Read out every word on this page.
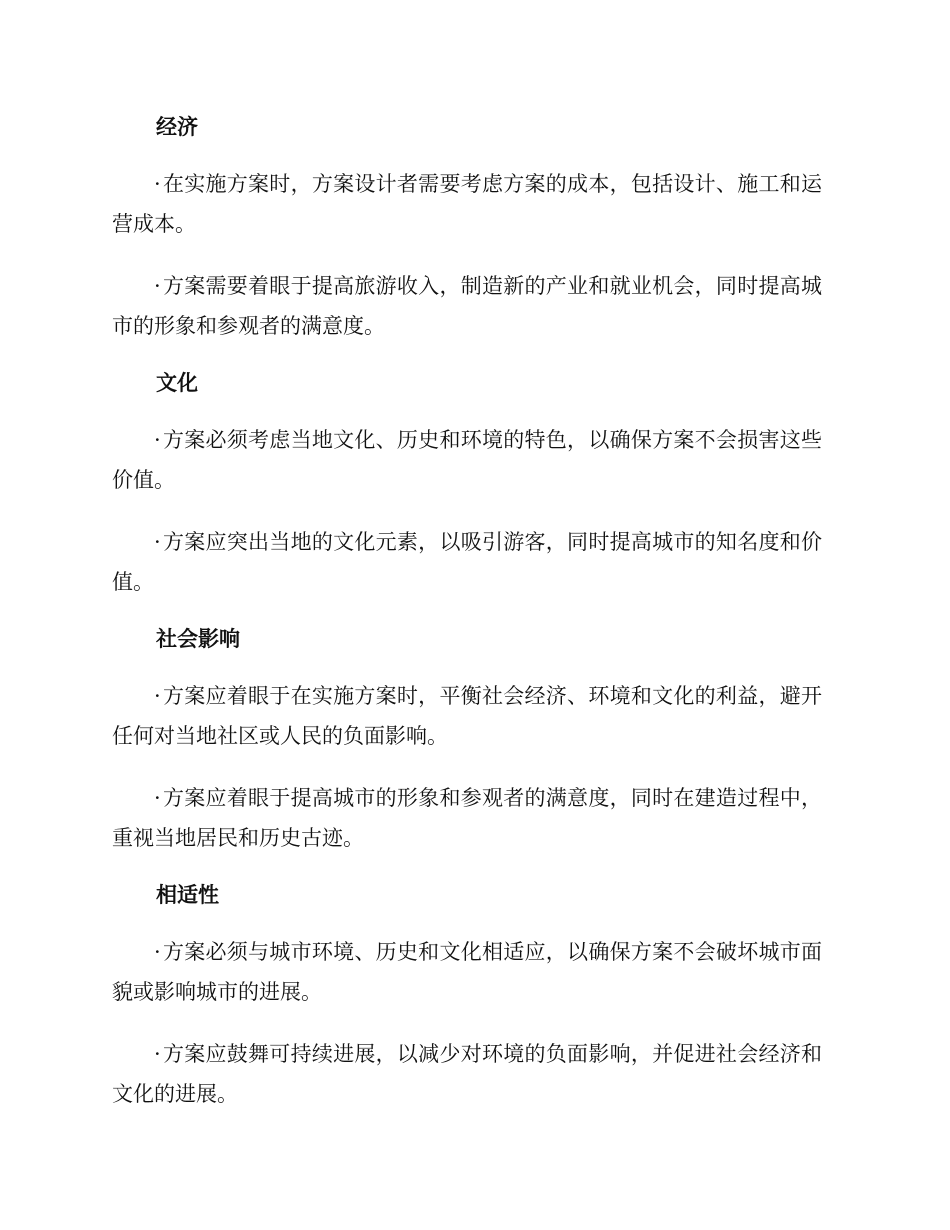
经济

·在实施方案时，方案设计者需要考虑方案的成本，包括设计、施工和运营成本。

·方案需要着眼于提高旅游收入，制造新的产业和就业机会，同时提高城市的形象和参观者的满意度。

文化

·方案必须考虑当地文化、历史和环境的特色，以确保方案不会损害这些价值。

·方案应突出当地的文化元素，以吸引游客，同时提高城市的知名度和价值。

社会影响

·方案应着眼于在实施方案时，平衡社会经济、环境和文化的利益，避开任何对当地社区或人民的负面影响。

·方案应着眼于提高城市的形象和参观者的满意度，同时在建造过程中，重视当地居民和历史古迹。

相适性

·方案必须与城市环境、历史和文化相适应，以确保方案不会破坏城市面貌或影响城市的进展。

·方案应鼓舞可持续进展，以减少对环境的负面影响，并促进社会经济和文化的进展。
